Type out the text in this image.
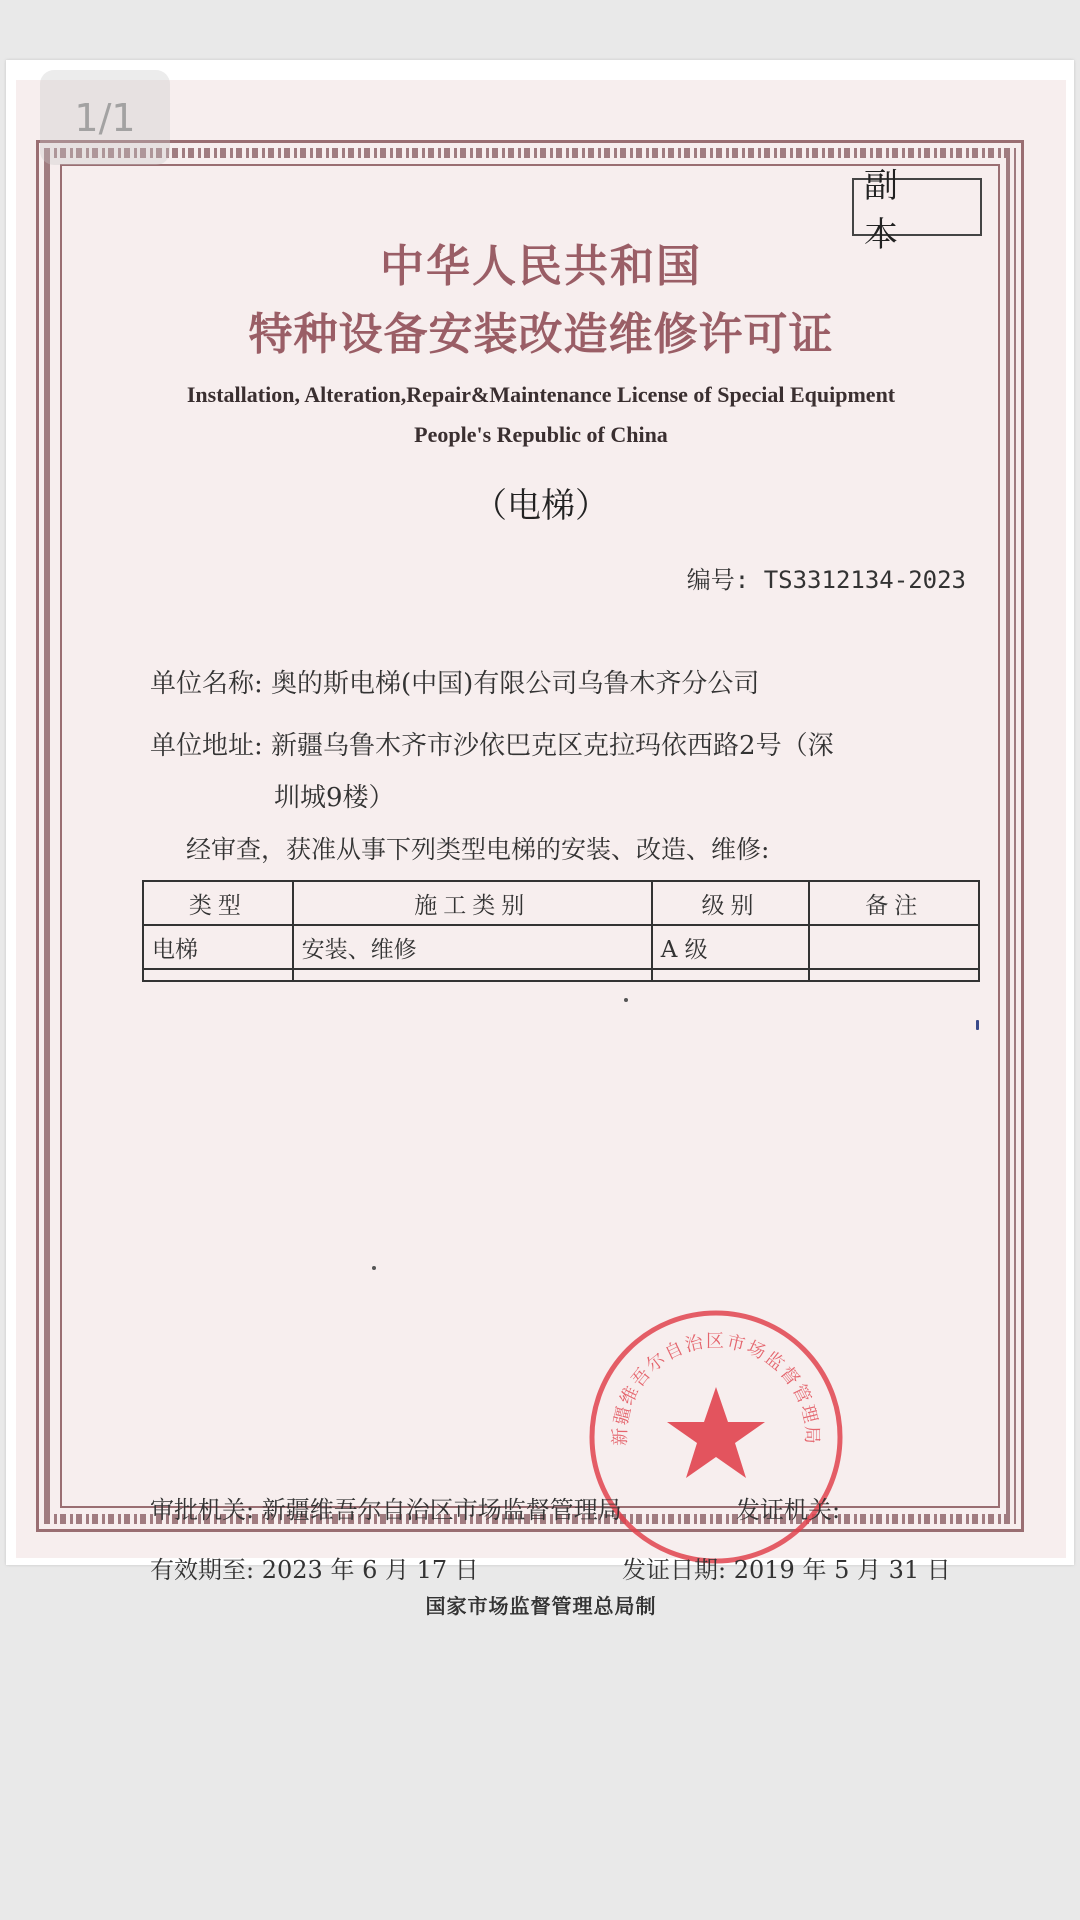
副 本
中华人民共和国
特种设备安装改造维修许可证
Installation, Alteration,Repair&Maintenance License of Special Equipment
People's Republic of China
（电梯）
编号: TS3312134-2023
单位名称: 奥的斯电梯(中国)有限公司乌鲁木齐分公司
单位地址: 新疆乌鲁木齐市沙依巴克区克拉玛依西路2号（深
圳城9楼）
经审查，获准从事下列类型电梯的安装、改造、维修:
类型	施工类别	级别	备注
电梯	安装、维修	A 级	

新疆维吾尔自治区市场监督管理局
审批机关: 新疆维吾尔自治区市场监督管理局	发证机关:
有效期至: 2023 年 6 月 17 日	发证日期: 2019 年 5 月 31 日
国家市场监督管理总局制
1/1
